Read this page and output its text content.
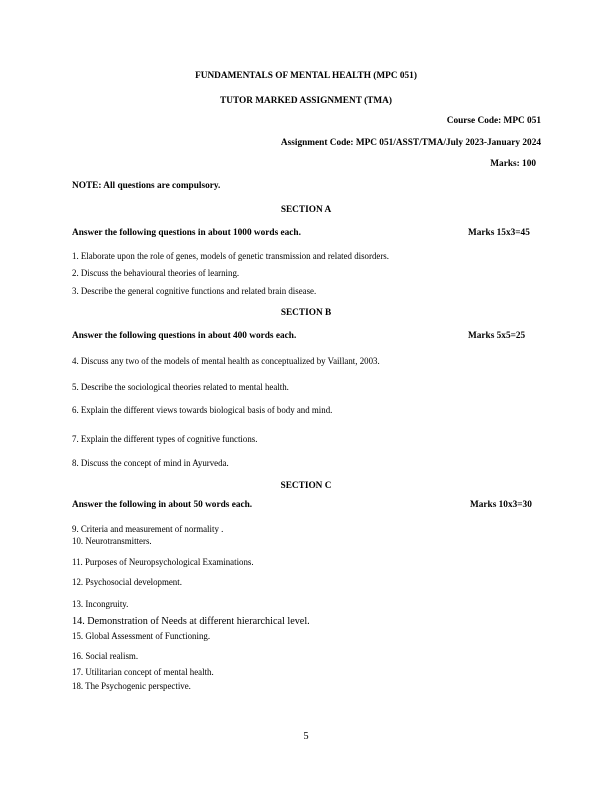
FUNDAMENTALS OF MENTAL HEALTH (MPC 051)
TUTOR MARKED ASSIGNMENT (TMA)
Course Code: MPC 051
Assignment Code: MPC 051/ASST/TMA/July 2023-January 2024
Marks: 100
NOTE: All questions are compulsory.
SECTION A
Answer the following questions in about 1000 words each.	Marks 15x3=45
1. Elaborate upon the role of genes, models of genetic transmission and related disorders.
2. Discuss the behavioural theories of learning.
3. Describe the general cognitive functions and related brain disease.
SECTION B
Answer the following questions in about 400 words each.	Marks 5x5=25
4. Discuss any two of the models of mental health as conceptualized by Vaillant, 2003.
5. Describe the sociological theories related to mental health.
6. Explain the different views towards biological basis of body and mind.
7. Explain the different types of cognitive functions.
8. Discuss the concept of mind in Ayurveda.
SECTION C
Answer the following in about 50 words each.	Marks 10x3=30
9. Criteria and measurement of normality .
10. Neurotransmitters.
11. Purposes of Neuropsychological Examinations.
12. Psychosocial development.
13. Incongruity.
14. Demonstration of Needs at different hierarchical level.
15. Global Assessment of Functioning.
16. Social realism.
17. Utilitarian concept of mental health.
18. The Psychogenic perspective.
5
